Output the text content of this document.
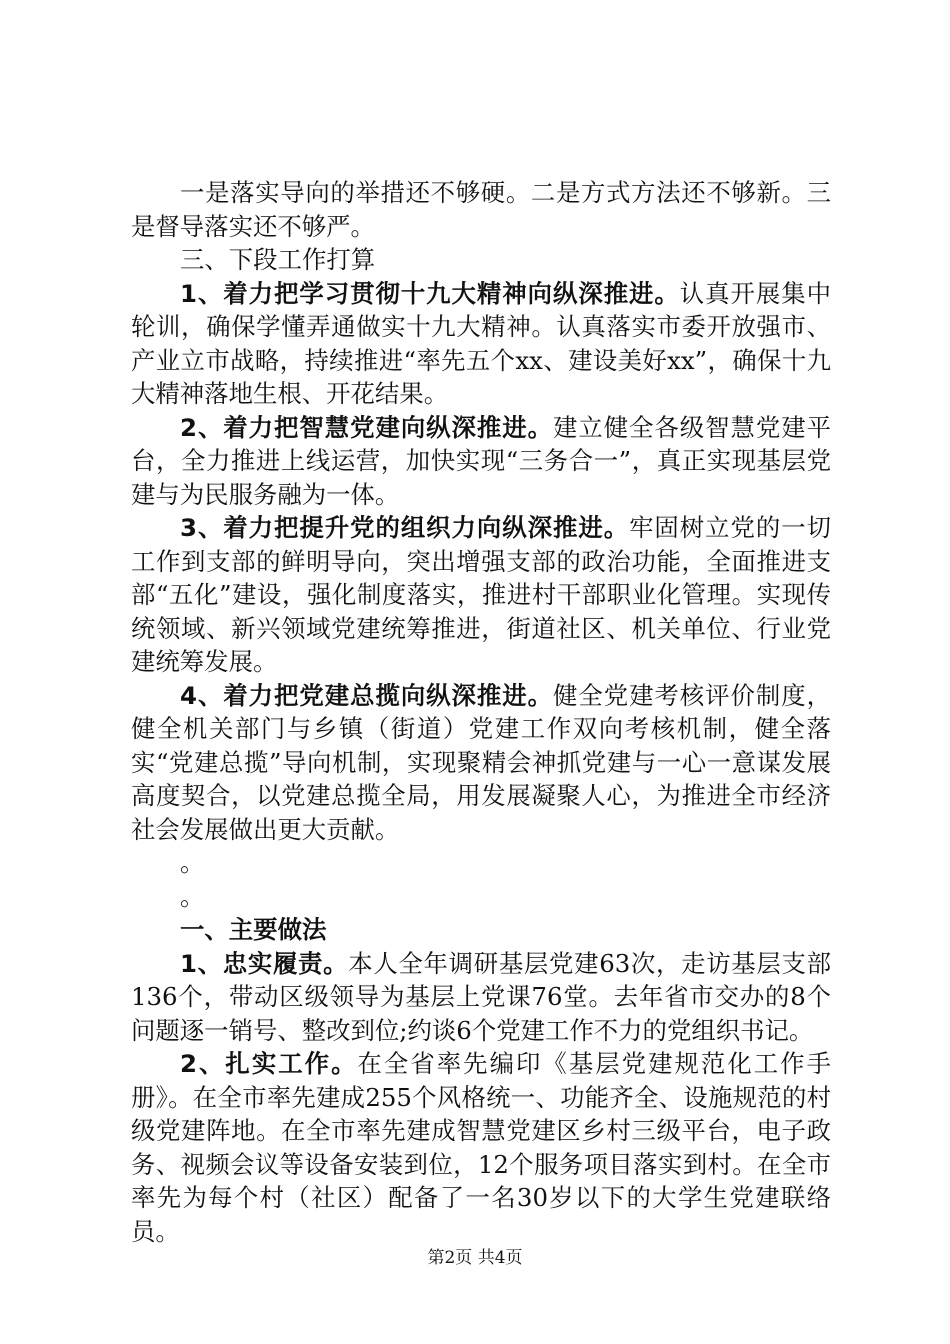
一是落实导向的举措还不够硬。二是方式方法还不够新。三是督导落实还不够严。

三、下段工作打算

1、着力把学习贯彻十九大精神向纵深推进。认真开展集中轮训，确保学懂弄通做实十九大精神。认真落实市委开放强市、产业立市战略，持续推进“率先五个xx、建设美好xx”，确保十九大精神落地生根、开花结果。

2、着力把智慧党建向纵深推进。建立健全各级智慧党建平台，全力推进上线运营，加快实现“三务合一”，真正实现基层党建与为民服务融为一体。

3、着力把提升党的组织力向纵深推进。牢固树立党的一切工作到支部的鲜明导向，突出增强支部的政治功能，全面推进支部“五化”建设，强化制度落实，推进村干部职业化管理。实现传统领域、新兴领域党建统筹推进，街道社区、机关单位、行业党建统筹发展。

4、着力把党建总揽向纵深推进。健全党建考核评价制度，健全机关部门与乡镇（街道）党建工作双向考核机制，健全落实“党建总揽”导向机制，实现聚精会神抓党建与一心一意谋发展高度契合，以党建总揽全局，用发展凝聚人心，为推进全市经济社会发展做出更大贡献。

。

。

一、主要做法

1、忠实履责。本人全年调研基层党建63次，走访基层支部136个，带动区级领导为基层上党课76堂。去年省市交办的8个问题逐一销号、整改到位;约谈6个党建工作不力的党组织书记。

2、扎实工作。在全省率先编印《基层党建规范化工作手册》。在全市率先建成255个风格统一、功能齐全、设施规范的村级党建阵地。在全市率先建成智慧党建区乡村三级平台，电子政务、视频会议等设备安装到位，12个服务项目落实到村。在全市率先为每个村（社区）配备了一名30岁以下的大学生党建联络员。

第2页 共4页
